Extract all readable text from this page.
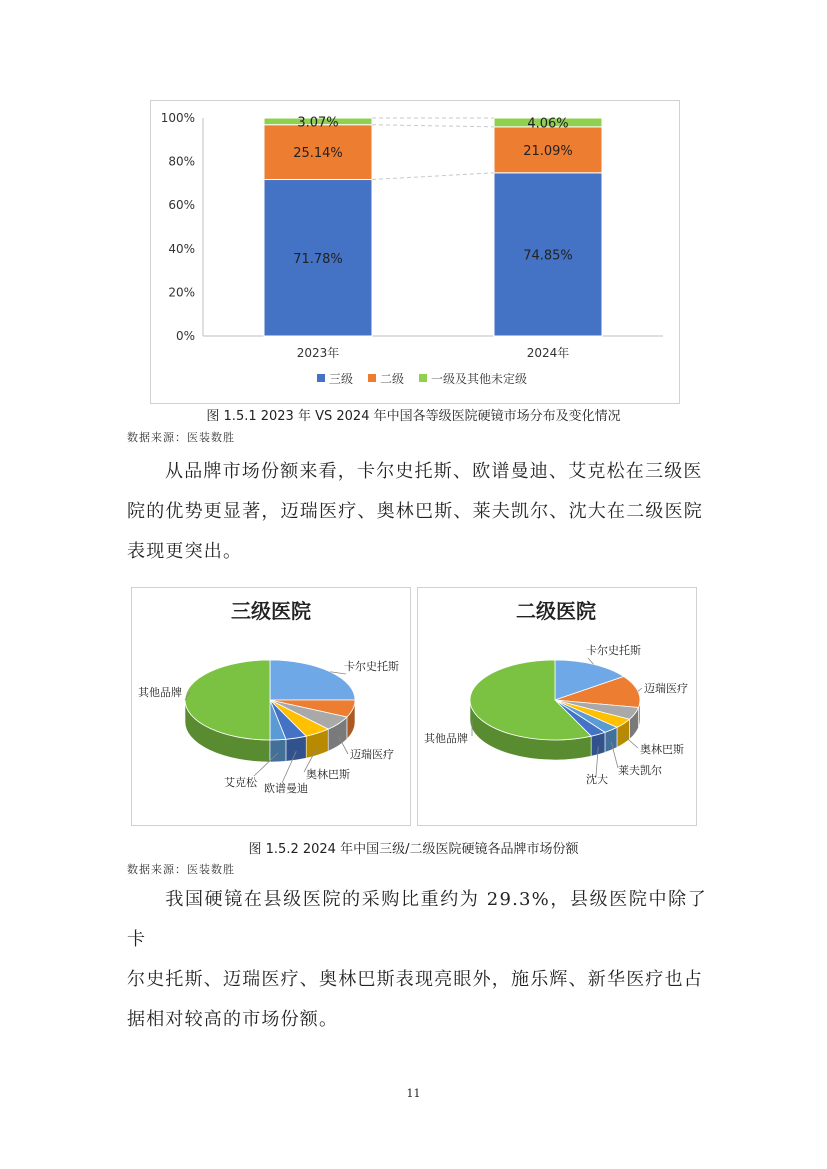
0%
20%
40%
60%
80%
100%
71.78%
25.14%
3.07%
2023年
74.85%
21.09%
4.06%
2024年
三级 二级 一级及其他未定级
图 1.5.1 2023 年 VS 2024 年中国各等级医院硬镜市场分布及变化情况
数据来源：医装数胜
从品牌市场份额来看，卡尔史托斯、欧谱曼迪、艾克松在三级医
院的优势更显著，迈瑞医疗、奥林巴斯、莱夫凯尔、沈大在二级医院
表现更突出。
三级医院
卡尔史托斯
迈瑞医疗
奥林巴斯
欧谱曼迪
艾克松
其他品牌
二级医院
卡尔史托斯
迈瑞医疗
奥林巴斯
莱夫凯尔
沈大
其他品牌
图 1.5.2 2024 年中国三级/二级医院硬镜各品牌市场份额
数据来源：医装数胜
我国硬镜在县级医院的采购比重约为 29.3%，县级医院中除了卡
尔史托斯、迈瑞医疗、奥林巴斯表现亮眼外，施乐辉、新华医疗也占
据相对较高的市场份额。
11
